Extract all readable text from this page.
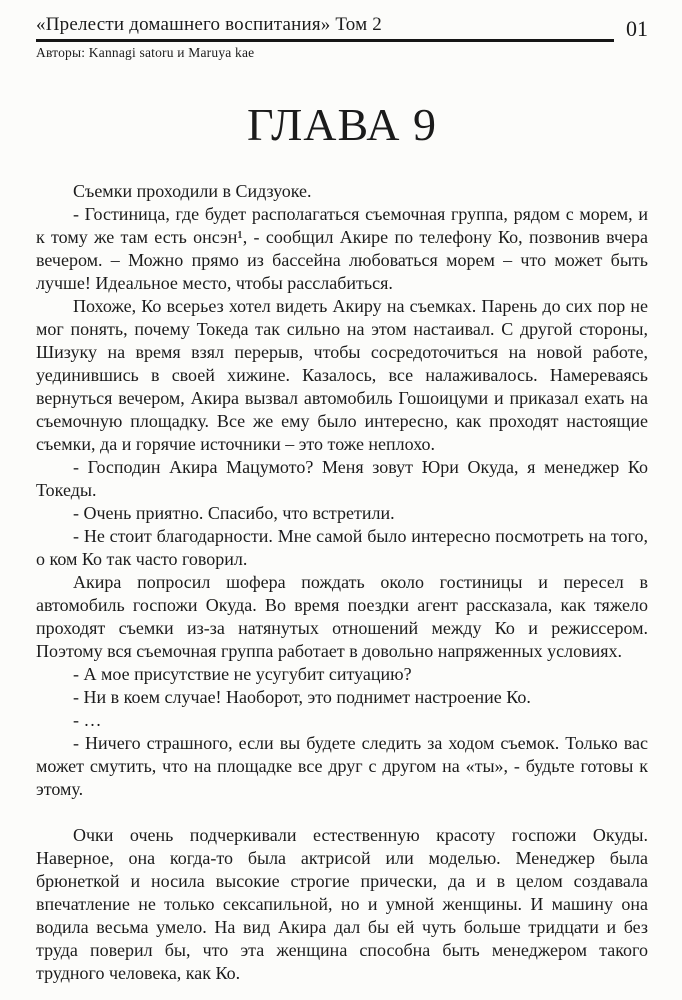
«Прелести домашнего воспитания» Том 2	01
Авторы: Kannagi satoru и Maruya kae
ГЛАВА 9

Съемки проходили в Сидзуоке.

- Гостиница, где будет располагаться съемочная группа, рядом с морем, и к тому же там есть онсэн¹, - сообщил Акире по телефону Ко, позвонив вчера вечером. – Можно прямо из бассейна любоваться морем – что может быть лучше! Идеальное место, чтобы расслабиться.

Похоже, Ко всерьез хотел видеть Акиру на съемках. Парень до сих пор не мог понять, почему Токеда так сильно на этом настаивал. С другой стороны, Шизуку на время взял перерыв, чтобы сосредоточиться на новой работе, уединившись в своей хижине. Казалось, все налаживалось. Намереваясь вернуться вечером, Акира вызвал автомобиль Гошоицуми и приказал ехать на съемочную площадку. Все же ему было интересно, как проходят настоящие съемки, да и горячие источники – это тоже неплохо.

- Господин Акира Мацумото? Меня зовут Юри Окуда, я менеджер Ко Токеды.

- Очень приятно. Спасибо, что встретили.

- Не стоит благодарности. Мне самой было интересно посмотреть на того, о ком Ко так часто говорил.

Акира попросил шофера пождать около гостиницы и пересел в автомобиль госпожи Окуда. Во время поездки агент рассказала, как тяжело проходят съемки из-за натянутых отношений между Ко и режиссером. Поэтому вся съемочная группа работает в довольно напряженных условиях.

- А мое присутствие не усугубит ситуацию?

- Ни в коем случае! Наоборот, это поднимет настроение Ко.

- …

- Ничего страшного, если вы будете следить за ходом съемок. Только вас может смутить, что на площадке все друг с другом на «ты», - будьте готовы к этому.

Очки очень подчеркивали естественную красоту госпожи Окуды. Наверное, она когда-то была актрисой или моделью. Менеджер была брюнеткой и носила высокие строгие прически, да и в целом создавала впечатление не только сексапильной, но и умной женщины. И машину она водила весьма умело. На вид Акира дал бы ей чуть больше тридцати и без труда поверил бы, что эта женщина способна быть менеджером такого трудного человека, как Ко.
